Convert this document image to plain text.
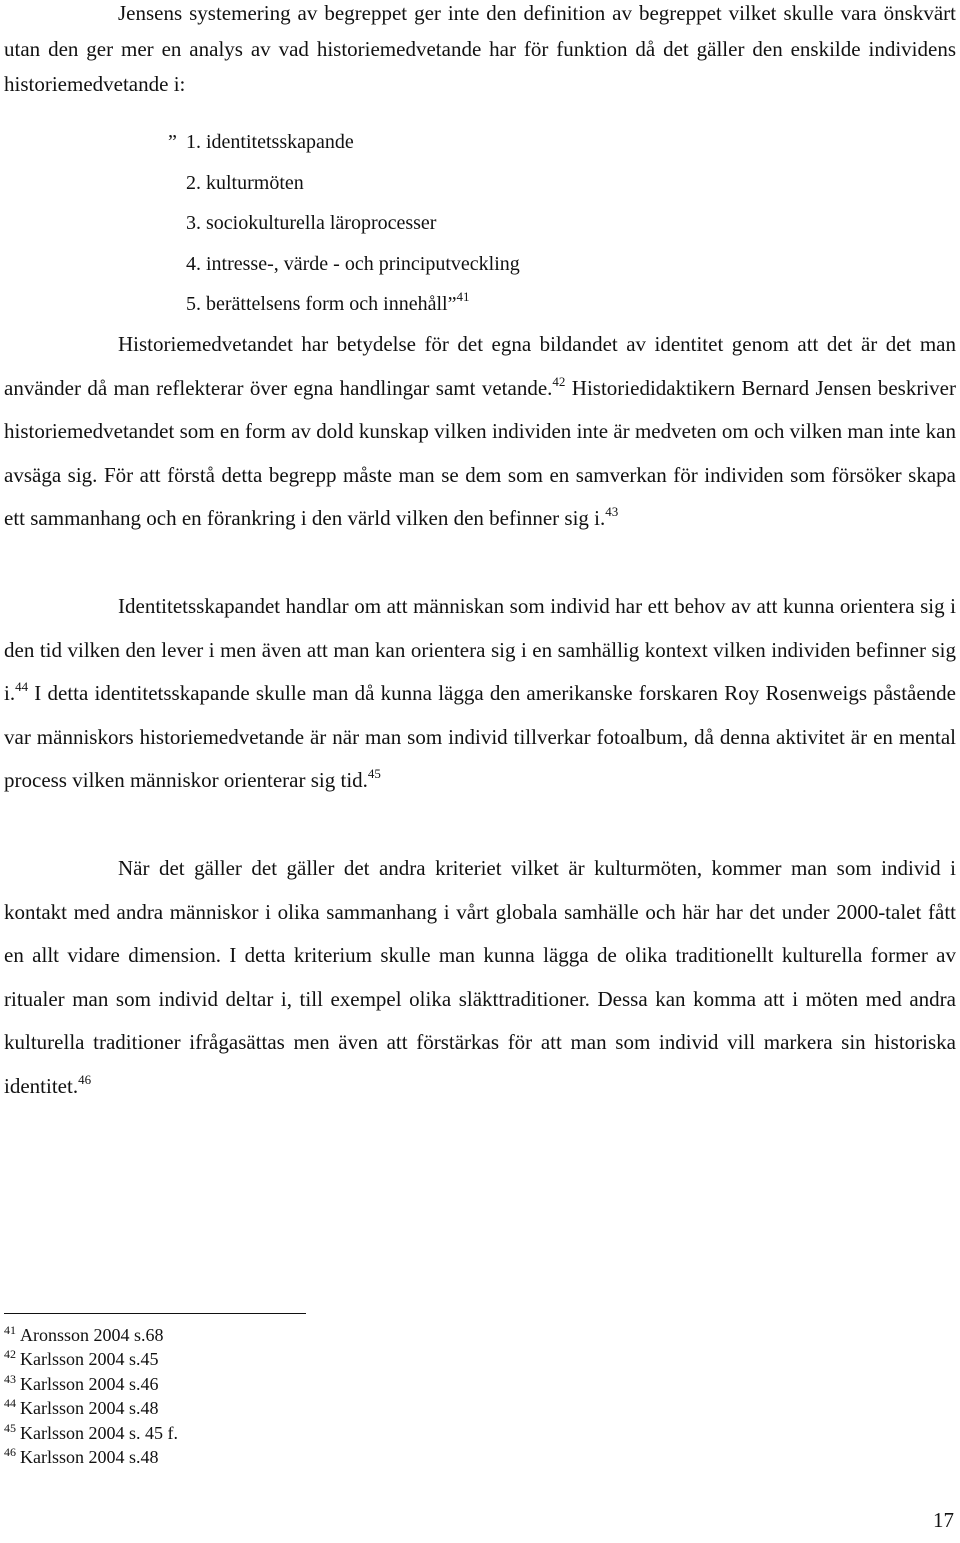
Jensens systemering av begreppet ger inte den definition av begreppet vilket skulle vara önskvärt utan den ger mer en analys av vad historiemedvetande har för funktion då det gäller den enskilde individens historiemedvetande i:

” 1. identitetsskapande
2. kulturmöten
3. sociokulturella läroprocesser
4. intresse-, värde - och principutveckling
5. berättelsens form och innehåll”$^{41}$

Historiemedvetandet har betydelse för det egna bildandet av identitet genom att det är det man använder då man reflekterar över egna handlingar samt vetande.$^{42}$ Historiedidaktikern Bernard Jensen beskriver historiemedvetandet som en form av dold kunskap vilken individen inte är medveten om och vilken man inte kan avsäga sig. För att förstå detta begrepp måste man se dem som en samverkan för individen som försöker skapa ett sammanhang och en förankring i den värld vilken den befinner sig i.$^{43}$

Identitetsskapandet handlar om att människan som individ har ett behov av att kunna orientera sig i den tid vilken den lever i men även att man kan orientera sig i en samhällig kontext vilken individen befinner sig i.$^{44}$ I detta identitetsskapande skulle man då kunna lägga den amerikanske forskaren Roy Rosenweigs påstående var människors historiemedvetande är när man som individ tillverkar fotoalbum, då denna aktivitet är en mental process vilken människor orienterar sig tid.$^{45}$

När det gäller det gäller det andra kriteriet vilket är kulturmöten, kommer man som individ i kontakt med andra människor i olika sammanhang i vårt globala samhälle och här har det under 2000-talet fått en allt vidare dimension. I detta kriterium skulle man kunna lägga de olika traditionellt kulturella former av ritualer man som individ deltar i, till exempel olika släkttraditioner. Dessa kan komma att i möten med andra kulturella traditioner ifrågasättas men även att förstärkas för att man som individ vill markera sin historiska identitet.$^{46}$

$^{41}$ Aronsson 2004 s.68
$^{42}$ Karlsson 2004 s.45
$^{43}$ Karlsson 2004 s.46
$^{44}$ Karlsson 2004 s.48
$^{45}$ Karlsson 2004 s. 45 f.
$^{46}$ Karlsson 2004 s.48
17
